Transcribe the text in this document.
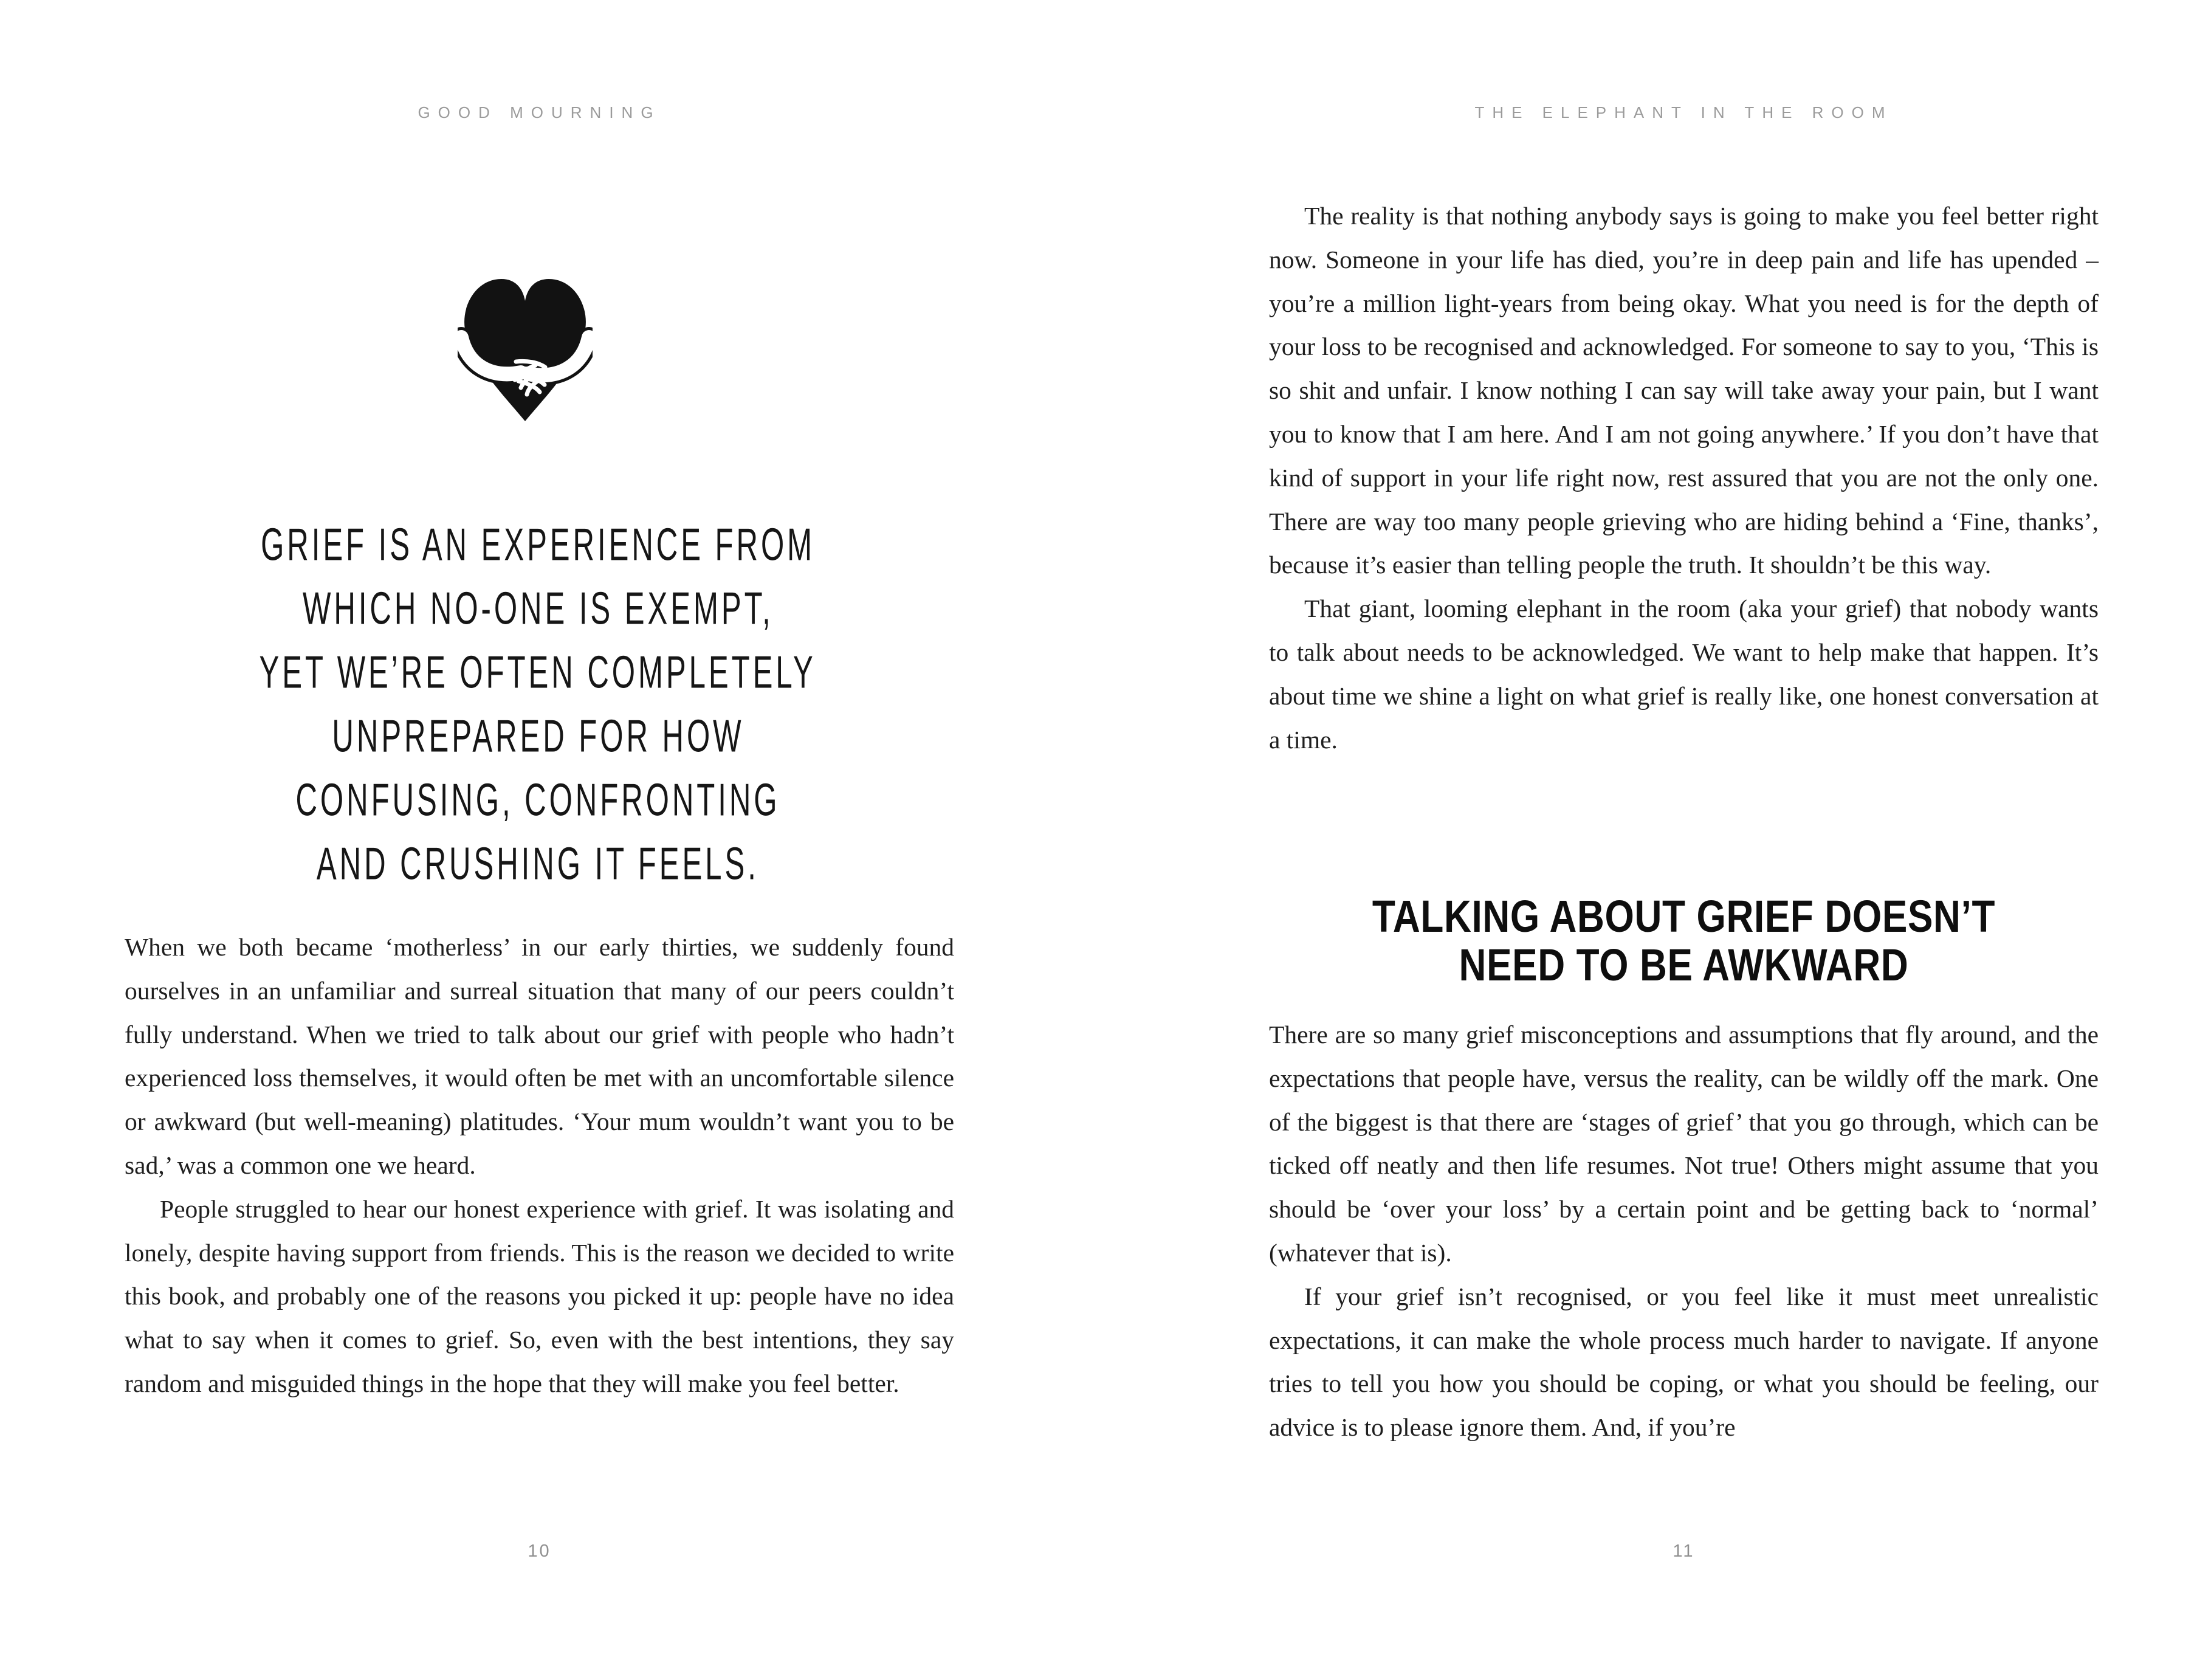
GOOD MOURNING
GRIEF IS AN EXPERIENCE FROM
WHICH NO-ONE IS EXEMPT,
YET WE’RE OFTEN COMPLETELY
UNPREPARED FOR HOW
CONFUSING, CONFRONTING
AND CRUSHING IT FEELS.

When we both became ‘motherless’ in our early thirties, we suddenly found ourselves in an unfamiliar and surreal situation that many of our peers couldn’t fully understand. When we tried to talk about our grief with people who hadn’t experienced loss themselves, it would often be met with an uncomfortable silence or awkward (but well-meaning) platitudes. ‘Your mum wouldn’t want you to be sad,’ was a common one we heard.

People struggled to hear our honest experience with grief. It was isolating and lonely, despite having support from friends. This is the reason we decided to write this book, and probably one of the reasons you picked it up: people have no idea what to say when it comes to grief. So, even with the best intentions, they say random and misguided things in the hope that they will make you feel better.

10
THE ELEPHANT IN THE ROOM

The reality is that nothing anybody says is going to make you feel better right now. Someone in your life has died, you’re in deep pain and life has upended – you’re a million light-years from being okay. What you need is for the depth of your loss to be recognised and acknowledged. For someone to say to you, ‘This is so shit and unfair. I know nothing I can say will take away your pain, but I want you to know that I am here. And I am not going anywhere.’ If you don’t have that kind of support in your life right now, rest assured that you are not the only one. There are way too many people grieving who are hiding behind a ‘Fine, thanks’, because it’s easier than telling people the truth. It shouldn’t be this way.

That giant, looming elephant in the room (aka your grief) that nobody wants to talk about needs to be acknowledged. We want to help make that happen. It’s about time we shine a light on what grief is really like, one honest conversation at a time.

TALKING ABOUT GRIEF DOESN’T
NEED TO BE AWKWARD

There are so many grief misconceptions and assumptions that fly around, and the expectations that people have, versus the reality, can be wildly off the mark. One of the biggest is that there are ‘stages of grief’ that you go through, which can be ticked off neatly and then life resumes. Not true! Others might assume that you should be ‘over your loss’ by a certain point and be getting back to ‘normal’ (whatever that is).

If your grief isn’t recognised, or you feel like it must meet unrealistic expectations, it can make the whole process much harder to navigate. If anyone tries to tell you how you should be coping, or what you should be feeling, our advice is to please ignore them. And, if you’re

11
